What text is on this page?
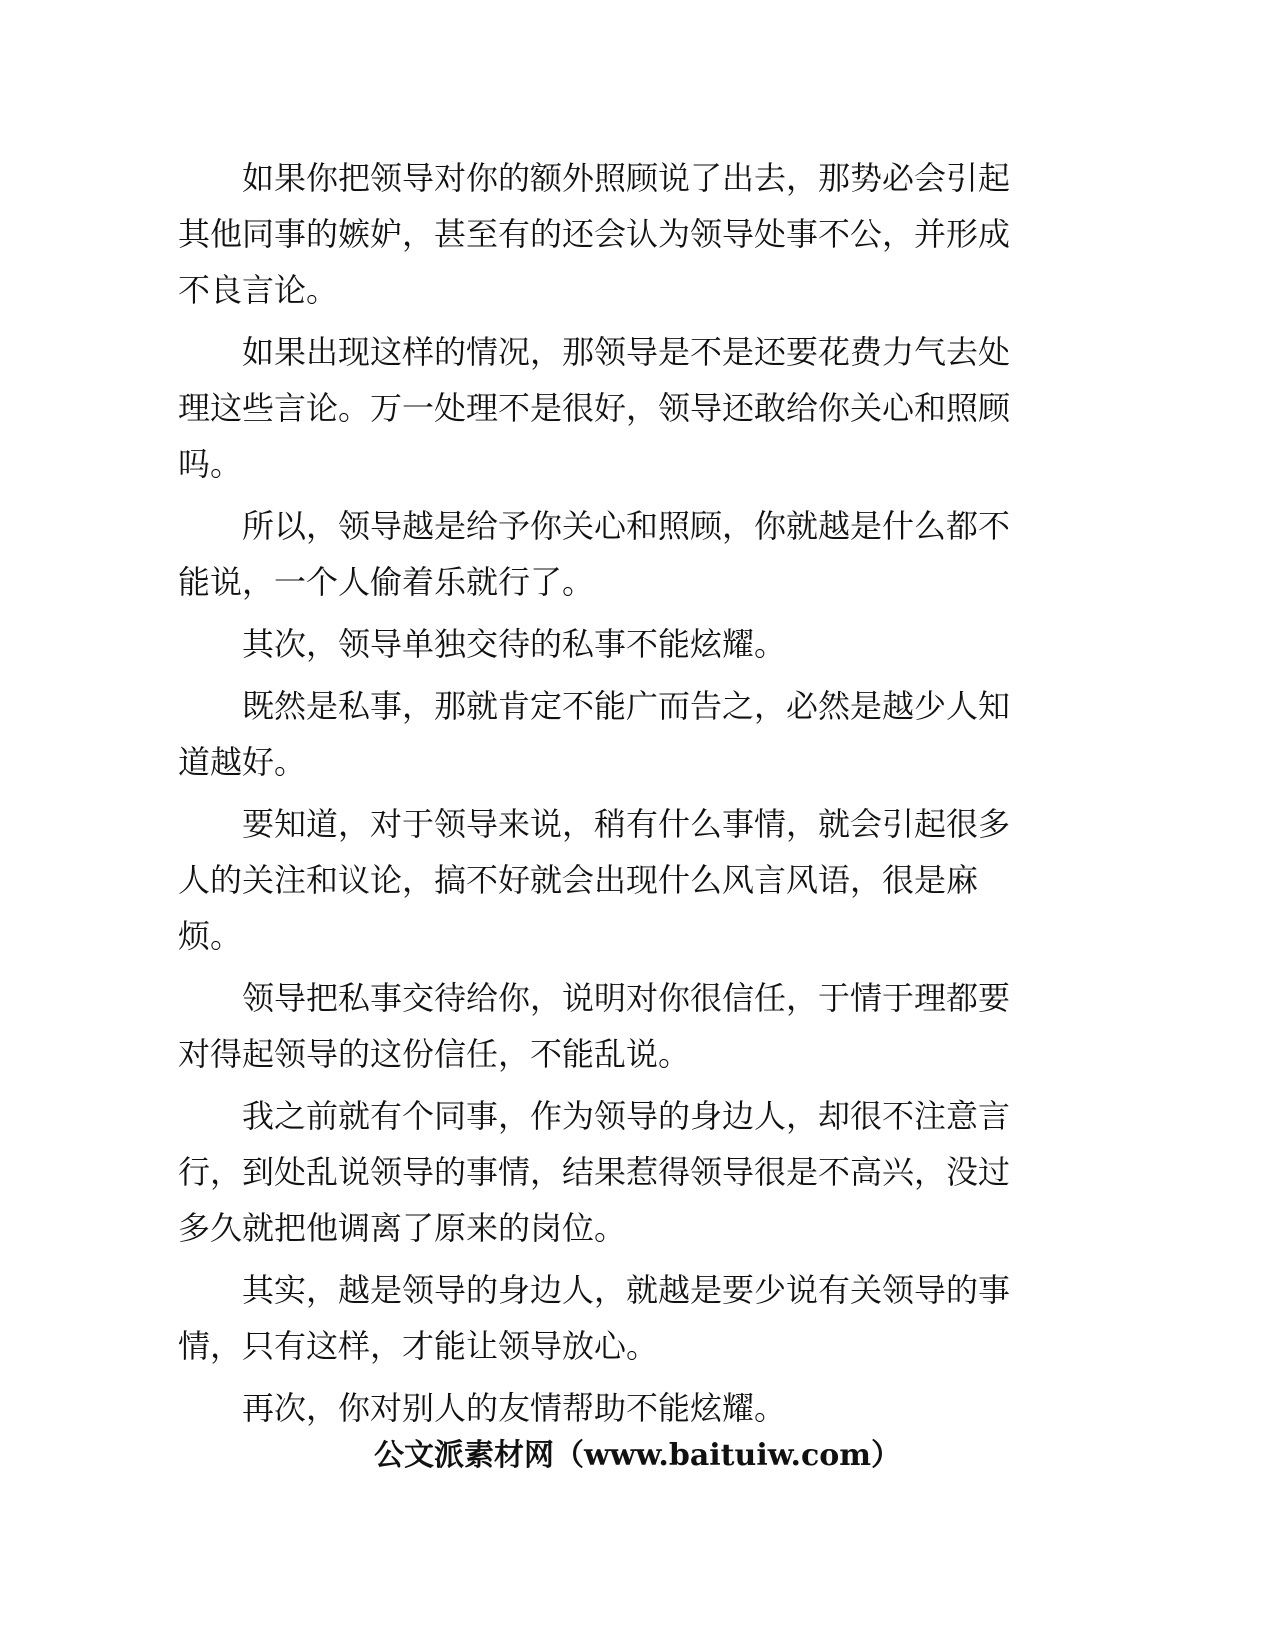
如果你把领导对你的额外照顾说了出去，那势必会引起其他同事的嫉妒，甚至有的还会认为领导处事不公，并形成不良言论。

如果出现这样的情况，那领导是不是还要花费力气去处理这些言论。万一处理不是很好，领导还敢给你关心和照顾吗。

所以，领导越是给予你关心和照顾，你就越是什么都不能说，一个人偷着乐就行了。

其次，领导单独交待的私事不能炫耀。

既然是私事，那就肯定不能广而告之，必然是越少人知道越好。

要知道，对于领导来说，稍有什么事情，就会引起很多人的关注和议论，搞不好就会出现什么风言风语，很是麻烦。

领导把私事交待给你，说明对你很信任，于情于理都要对得起领导的这份信任，不能乱说。

我之前就有个同事，作为领导的身边人，却很不注意言行，到处乱说领导的事情，结果惹得领导很是不高兴，没过多久就把他调离了原来的岗位。

其实，越是领导的身边人，就越是要少说有关领导的事情，只有这样，才能让领导放心。

再次，你对别人的友情帮助不能炫耀。

公文派素材网（www.baituiw.com）
